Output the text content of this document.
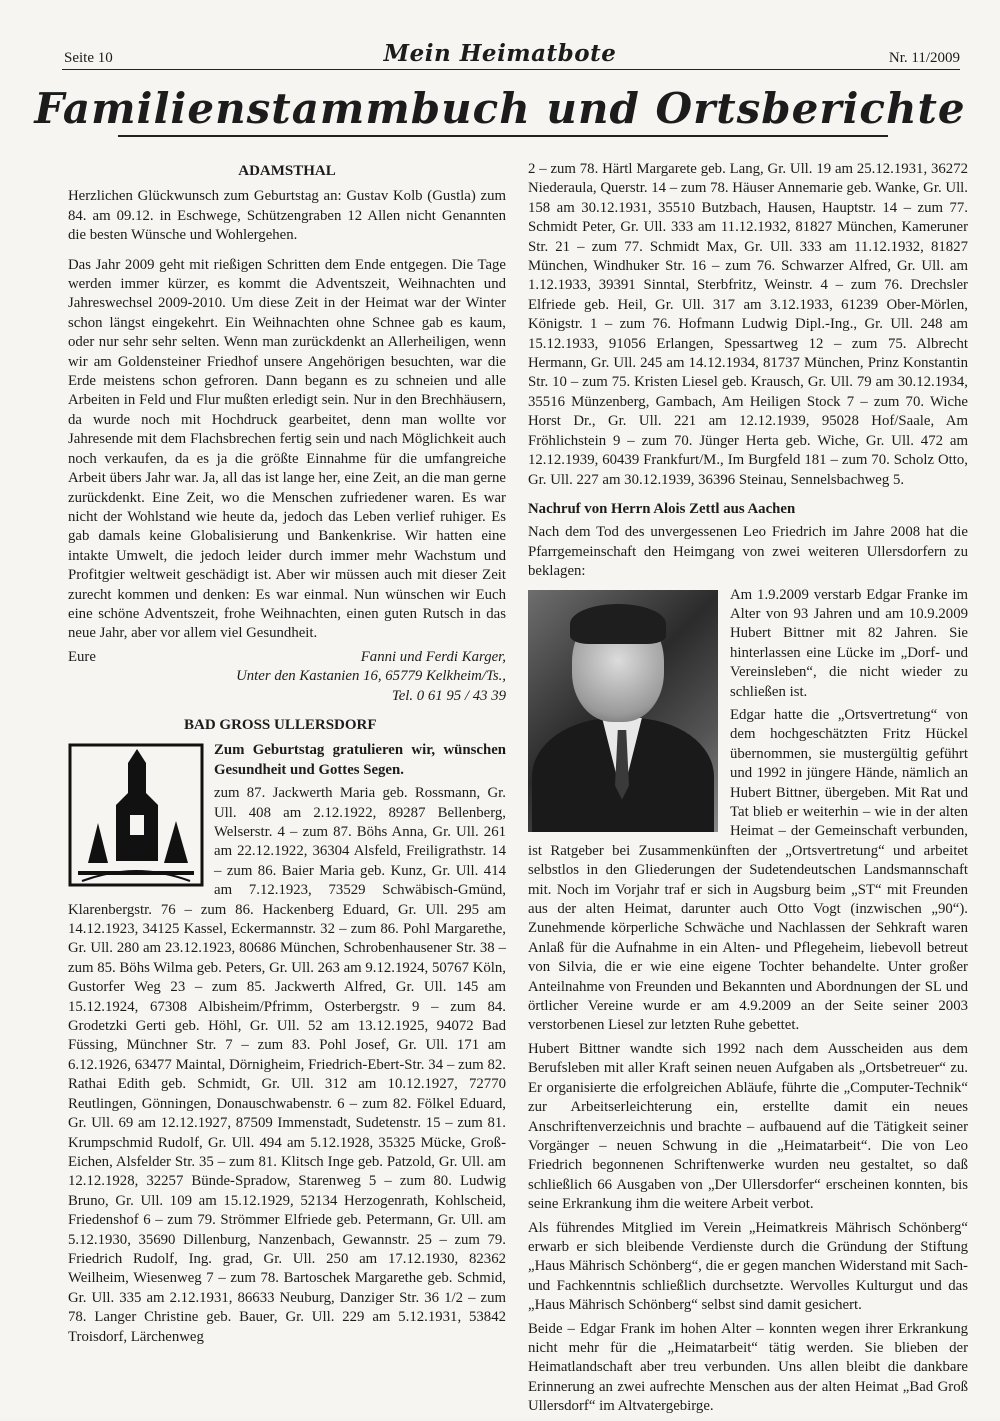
Seite 10	Mein Heimatbote	Nr. 11/2009
Familienstammbuch und Ortsberichte
ADAMSTHAL

Herzlichen Glückwunsch zum Geburtstag an: Gustav Kolb (Gustla) zum 84. am 09.12. in Eschwege, Schützengraben 12 Allen nicht Genannten die besten Wünsche und Wohlergehen.

Das Jahr 2009 geht mit rießigen Schritten dem Ende entgegen. Die Tage werden immer kürzer, es kommt die Adventszeit, Weihnachten und Jahreswechsel 2009-2010. Um diese Zeit in der Heimat war der Winter schon längst eingekehrt. Ein Weihnachten ohne Schnee gab es kaum, oder nur sehr sehr selten. Wenn man zurückdenkt an Allerheiligen, wenn wir am Goldensteiner Friedhof unsere Angehörigen besuchten, war die Erde meistens schon gefroren. Dann begann es zu schneien und alle Arbeiten in Feld und Flur mußten erledigt sein. Nur in den Brechhäusern, da wurde noch mit Hochdruck gearbeitet, denn man wollte vor Jahresende mit dem Flachsbrechen fertig sein und nach Möglichkeit auch noch verkaufen, da es ja die größte Einnahme für die umfangreiche Arbeit übers Jahr war. Ja, all das ist lange her, eine Zeit, an die man gerne zurückdenkt. Eine Zeit, wo die Menschen zufriedener waren. Es war nicht der Wohlstand wie heute da, jedoch das Leben verlief ruhiger. Es gab damals keine Globalisierung und Bankenkrise. Wir hatten eine intakte Umwelt, die jedoch leider durch immer mehr Wachstum und Profitgier weltweit geschädigt ist. Aber wir müssen auch mit dieser Zeit zurecht kommen und denken: Es war einmal. Nun wünschen wir Euch eine schöne Adventszeit, frohe Weihnachten, einen guten Rutsch in das neue Jahr, aber vor allem viel Gesundheit.

Eure	Fanni und Ferdi Karger,
Unter den Kastanien 16, 65779 Kelkheim/Ts.,
Tel. 0 61 95 / 43 39
BAD GROSS ULLERSDORF

Zum Geburtstag gratulieren wir, wünschen Gesundheit und Gottes Segen.

zum 87. Jackwerth Maria geb. Rossmann, Gr. Ull. 408 am 2.12.1922, 89287 Bellenberg, Welserstr. 4 – zum 87. Böhs Anna, Gr. Ull. 261 am 22.12.1922, 36304 Alsfeld, Freiligrathstr. 14 – zum 86. Baier Maria geb. Kunz, Gr. Ull. 414 am 7.12.1923, 73529 Schwäbisch-Gmünd, Klarenbergstr. 76 – zum 86. Hackenberg Eduard, Gr. Ull. 295 am 14.12.1923, 34125 Kassel, Eckermannstr. 32 – zum 86. Pohl Margarethe, Gr. Ull. 280 am 23.12.1923, 80686 München, Schrobenhausener Str. 38 – zum 85. Böhs Wilma geb. Peters, Gr. Ull. 263 am 9.12.1924, 50767 Köln, Gustorfer Weg 23 – zum 85. Jackwerth Alfred, Gr. Ull. 145 am 15.12.1924, 67308 Albisheim/Pfrimm, Osterbergstr. 9 – zum 84. Grodetzki Gerti geb. Höhl, Gr. Ull. 52 am 13.12.1925, 94072 Bad Füssing, Münchner Str. 7 – zum 83. Pohl Josef, Gr. Ull. 171 am 6.12.1926, 63477 Maintal, Dörnigheim, Friedrich-Ebert-Str. 34 – zum 82. Rathai Edith geb. Schmidt, Gr. Ull. 312 am 10.12.1927, 72770 Reutlingen, Gönningen, Donauschwabenstr. 6 – zum 82. Fölkel Eduard, Gr. Ull. 69 am 12.12.1927, 87509 Immenstadt, Sudetenstr. 15 – zum 81. Krumpschmid Rudolf, Gr. Ull. 494 am 5.12.1928, 35325 Mücke, Groß-Eichen, Alsfelder Str. 35 – zum 81. Klitsch Inge geb. Patzold, Gr. Ull. am 12.12.1928, 32257 Bünde-Spradow, Starenweg 5 – zum 80. Ludwig Bruno, Gr. Ull. 109 am 15.12.1929, 52134 Herzogenrath, Kohlscheid, Friedenshof 6 – zum 79. Strömmer Elfriede geb. Petermann, Gr. Ull. am 5.12.1930, 35690 Dillenburg, Nanzenbach, Gewannstr. 25 – zum 79. Friedrich Rudolf, Ing. grad, Gr. Ull. 250 am 17.12.1930, 82362 Weilheim, Wiesenweg 7 – zum 78. Bartoschek Margarethe geb. Schmid, Gr. Ull. 335 am 2.12.1931, 86633 Neuburg, Danziger Str. 36 1/2 – zum 78. Langer Christine geb. Bauer, Gr. Ull. 229 am 5.12.1931, 53842 Troisdorf, Lärchenweg

2 – zum 78. Härtl Margarete geb. Lang, Gr. Ull. 19 am 25.12.1931, 36272 Niederaula, Querstr. 14 – zum 78. Häuser Annemarie geb. Wanke, Gr. Ull. 158 am 30.12.1931, 35510 Butzbach, Hausen, Hauptstr. 14 – zum 77. Schmidt Peter, Gr. Ull. 333 am 11.12.1932, 81827 München, Kameruner Str. 21 – zum 77. Schmidt Max, Gr. Ull. 333 am 11.12.1932, 81827 München, Windhuker Str. 16 – zum 76. Schwarzer Alfred, Gr. Ull. am 1.12.1933, 39391 Sinntal, Sterbfritz, Weinstr. 4 – zum 76. Drechsler Elfriede geb. Heil, Gr. Ull. 317 am 3.12.1933, 61239 Ober-Mörlen, Königstr. 1 – zum 76. Hofmann Ludwig Dipl.-Ing., Gr. Ull. 248 am 15.12.1933, 91056 Erlangen, Spessartweg 12 – zum 75. Albrecht Hermann, Gr. Ull. 245 am 14.12.1934, 81737 München, Prinz Konstantin Str. 10 – zum 75. Kristen Liesel geb. Krausch, Gr. Ull. 79 am 30.12.1934, 35516 Münzenberg, Gambach, Am Heiligen Stock 7 – zum 70. Wiche Horst Dr., Gr. Ull. 221 am 12.12.1939, 95028 Hof/Saale, Am Fröhlichstein 9 – zum 70. Jünger Herta geb. Wiche, Gr. Ull. 472 am 12.12.1939, 60439 Frankfurt/M., Im Burgfeld 181 – zum 70. Scholz Otto, Gr. Ull. 227 am 30.12.1939, 36396 Steinau, Sennelsbachweg 5.

Nachruf von Herrn Alois Zettl aus Aachen

Nach dem Tod des unvergessenen Leo Friedrich im Jahre 2008 hat die Pfarrgemeinschaft den Heimgang von zwei weiteren Ullersdorfern zu beklagen:

Am 1.9.2009 verstarb Edgar Franke im Alter von 93 Jahren und am 10.9.2009 Hubert Bittner mit 82 Jahren. Sie hinterlassen eine Lücke im „Dorf- und Vereinsleben“, die nicht wieder zu schließen ist.

Edgar hatte die „Ortsvertretung“ von dem hochgeschätzten Fritz Hückel übernommen, sie mustergültig geführt und 1992 in jüngere Hände, nämlich an Hubert Bittner, übergeben. Mit Rat und Tat blieb er weiterhin – wie in der alten Heimat – der Gemeinschaft verbunden, ist Ratgeber bei Zusammenkünften der „Ortsvertretung“ und arbeitet selbstlos in den Gliederungen der Sudetendeutschen Landsmannschaft mit. Noch im Vorjahr traf er sich in Augsburg beim „ST“ mit Freunden aus der alten Heimat, darunter auch Otto Vogt (inzwischen „90“). Zunehmende körperliche Schwäche und Nachlassen der Sehkraft waren Anlaß für die Aufnahme in ein Alten- und Pflegeheim, liebevoll betreut von Silvia, die er wie eine eigene Tochter behandelte. Unter großer Anteilnahme von Freunden und Bekannten und Abordnungen der SL und örtlicher Vereine wurde er am 4.9.2009 an der Seite seiner 2003 verstorbenen Liesel zur letzten Ruhe gebettet.

Hubert Bittner wandte sich 1992 nach dem Ausscheiden aus dem Berufsleben mit aller Kraft seinen neuen Aufgaben als „Ortsbetreuer“ zu. Er organisierte die erfolgreichen Abläufe, führte die „Computer-Technik“ zur Arbeitserleichterung ein, erstellte damit ein neues Anschriftenverzeichnis und brachte – aufbauend auf die Tätigkeit seiner Vorgänger – neuen Schwung in die „Heimatarbeit“. Die von Leo Friedrich begonnenen Schriftenwerke wurden neu gestaltet, so daß schließlich 66 Ausgaben von „Der Ullersdorfer“ erscheinen konnten, bis seine Erkrankung ihm die weitere Arbeit verbot.

Als führendes Mitglied im Verein „Heimatkreis Mährisch Schönberg“ erwarb er sich bleibende Verdienste durch die Gründung der Stiftung „Haus Mährisch Schönberg“, die er gegen manchen Widerstand mit Sach- und Fachkenntnis schließlich durchsetzte. Wervolles Kulturgut und das „Haus Mährisch Schönberg“ selbst sind damit gesichert.

Beide – Edgar Frank im hohen Alter – konnten wegen ihrer Erkrankung nicht mehr für die „Heimatarbeit“ tätig werden. Sie blieben der Heimatlandschaft aber treu verbunden. Uns allen bleibt die dankbare Erinnerung an zwei aufrechte Menschen aus der alten Heimat „Bad Groß Ullersdorf“ im Altvatergebirge.
